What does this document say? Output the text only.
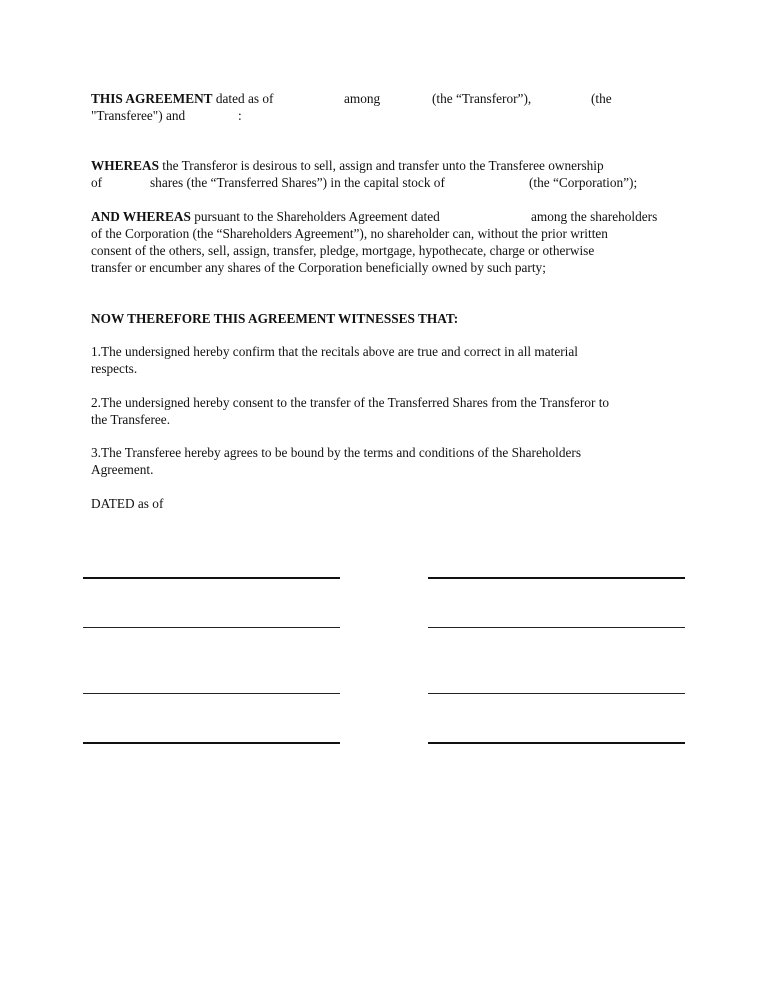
THIS AGREEMENT dated as of	among	(the “Transferor”),	(the
"Transferee") and	:
WHEREAS the Transferor is desirous to sell, assign and transfer unto the Transferee ownership
of	shares (the “Transferred Shares”) in the capital stock of	(the “Corporation”);
AND WHEREAS pursuant to the Shareholders Agreement dated	among the shareholders
of the Corporation (the “Shareholders Agreement”), no shareholder can, without the prior written
consent of the others, sell, assign, transfer, pledge, mortgage, hypothecate, charge or otherwise
transfer or encumber any shares of the Corporation beneficially owned by such party;
NOW THEREFORE THIS AGREEMENT WITNESSES THAT:
1.The undersigned hereby confirm that the recitals above are true and correct in all material
respects.
2.The undersigned hereby consent to the transfer of the Transferred Shares from the Transferor to
the Transferee.
3.The Transferee hereby agrees to be bound by the terms and conditions of the Shareholders
Agreement.
DATED as of
